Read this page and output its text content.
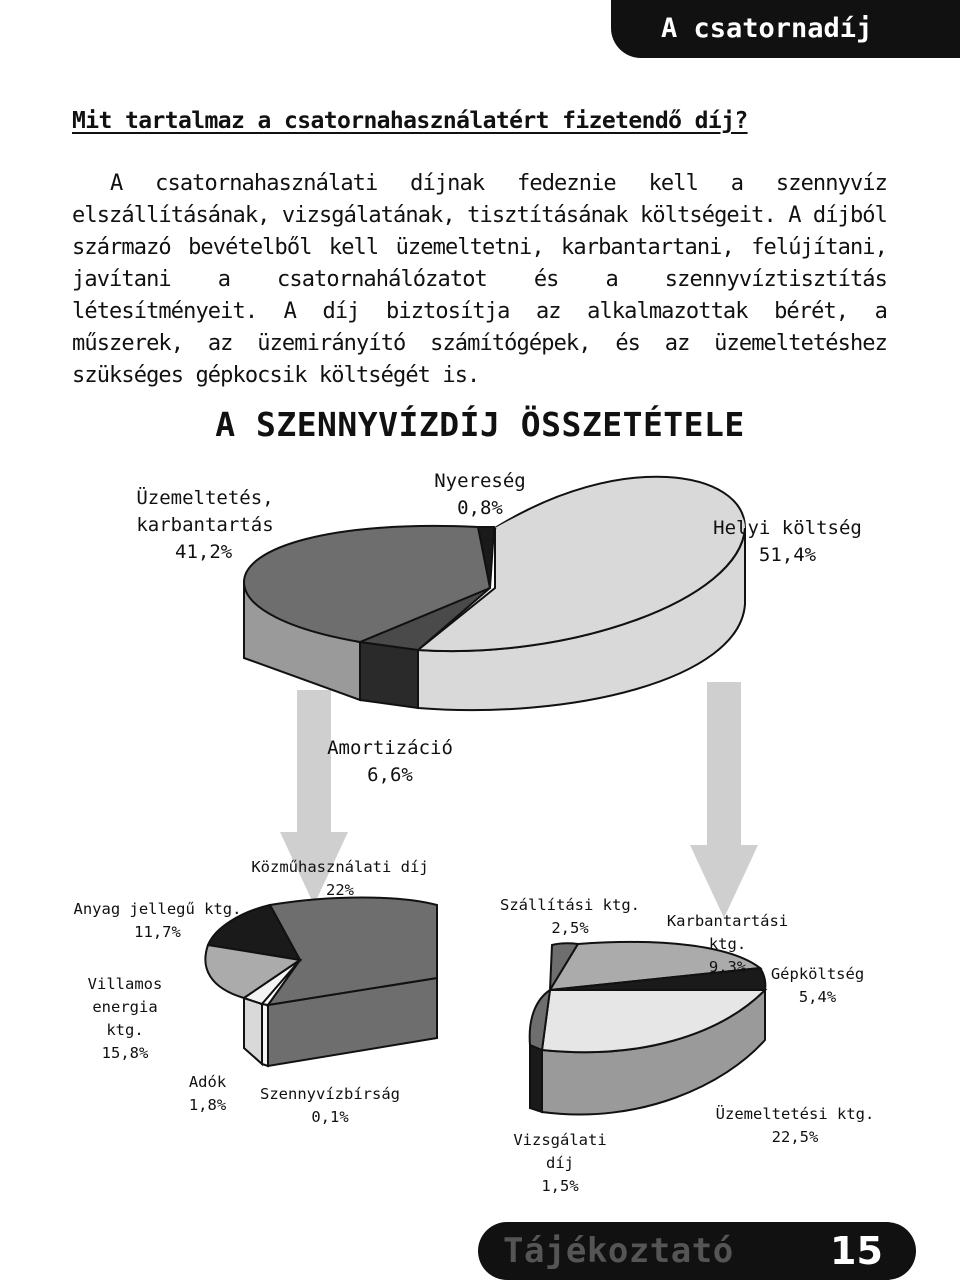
A csatornadíj
Mit tartalmaz a csatornahasználatért fizetendő díj?
A csatornahasználati díjnak fedeznie kell a szennyvíz elszállításának, vizsgálatának, tisztításának költségeit. A díjból származó bevételből kell üzemeltetni, karbantartani, felújítani, javítani a csatornahálózatot és a szennyvíztisztítás létesítményeit. A díj biztosítja az alkalmazottak bérét, a műszerek, az üzemirányító számítógépek, és az üzemeltetéshez szükséges gépkocsik költségét is.
A SZENNYVÍZDÍJ ÖSSZETÉTELE
Üzemeltetés, karbantartás
41,2%
Nyereség
0,8%
Helyi költség
51,4%
Amortizáció
6,6%
Közműhasználati díj
22%
Anyag jellegű ktg.
11,7%
Villamos
energia ktg.
15,8%
Adók
1,8%
Szennyvízbírság
0,1%
Szállítási ktg.
2,5%	Karbantartási ktg.
9,3%	Gépköltség
5,4%
Üzemeltetési ktg.
22,5%
Vizsgálati díj
1,5%
Tájékoztató	15
